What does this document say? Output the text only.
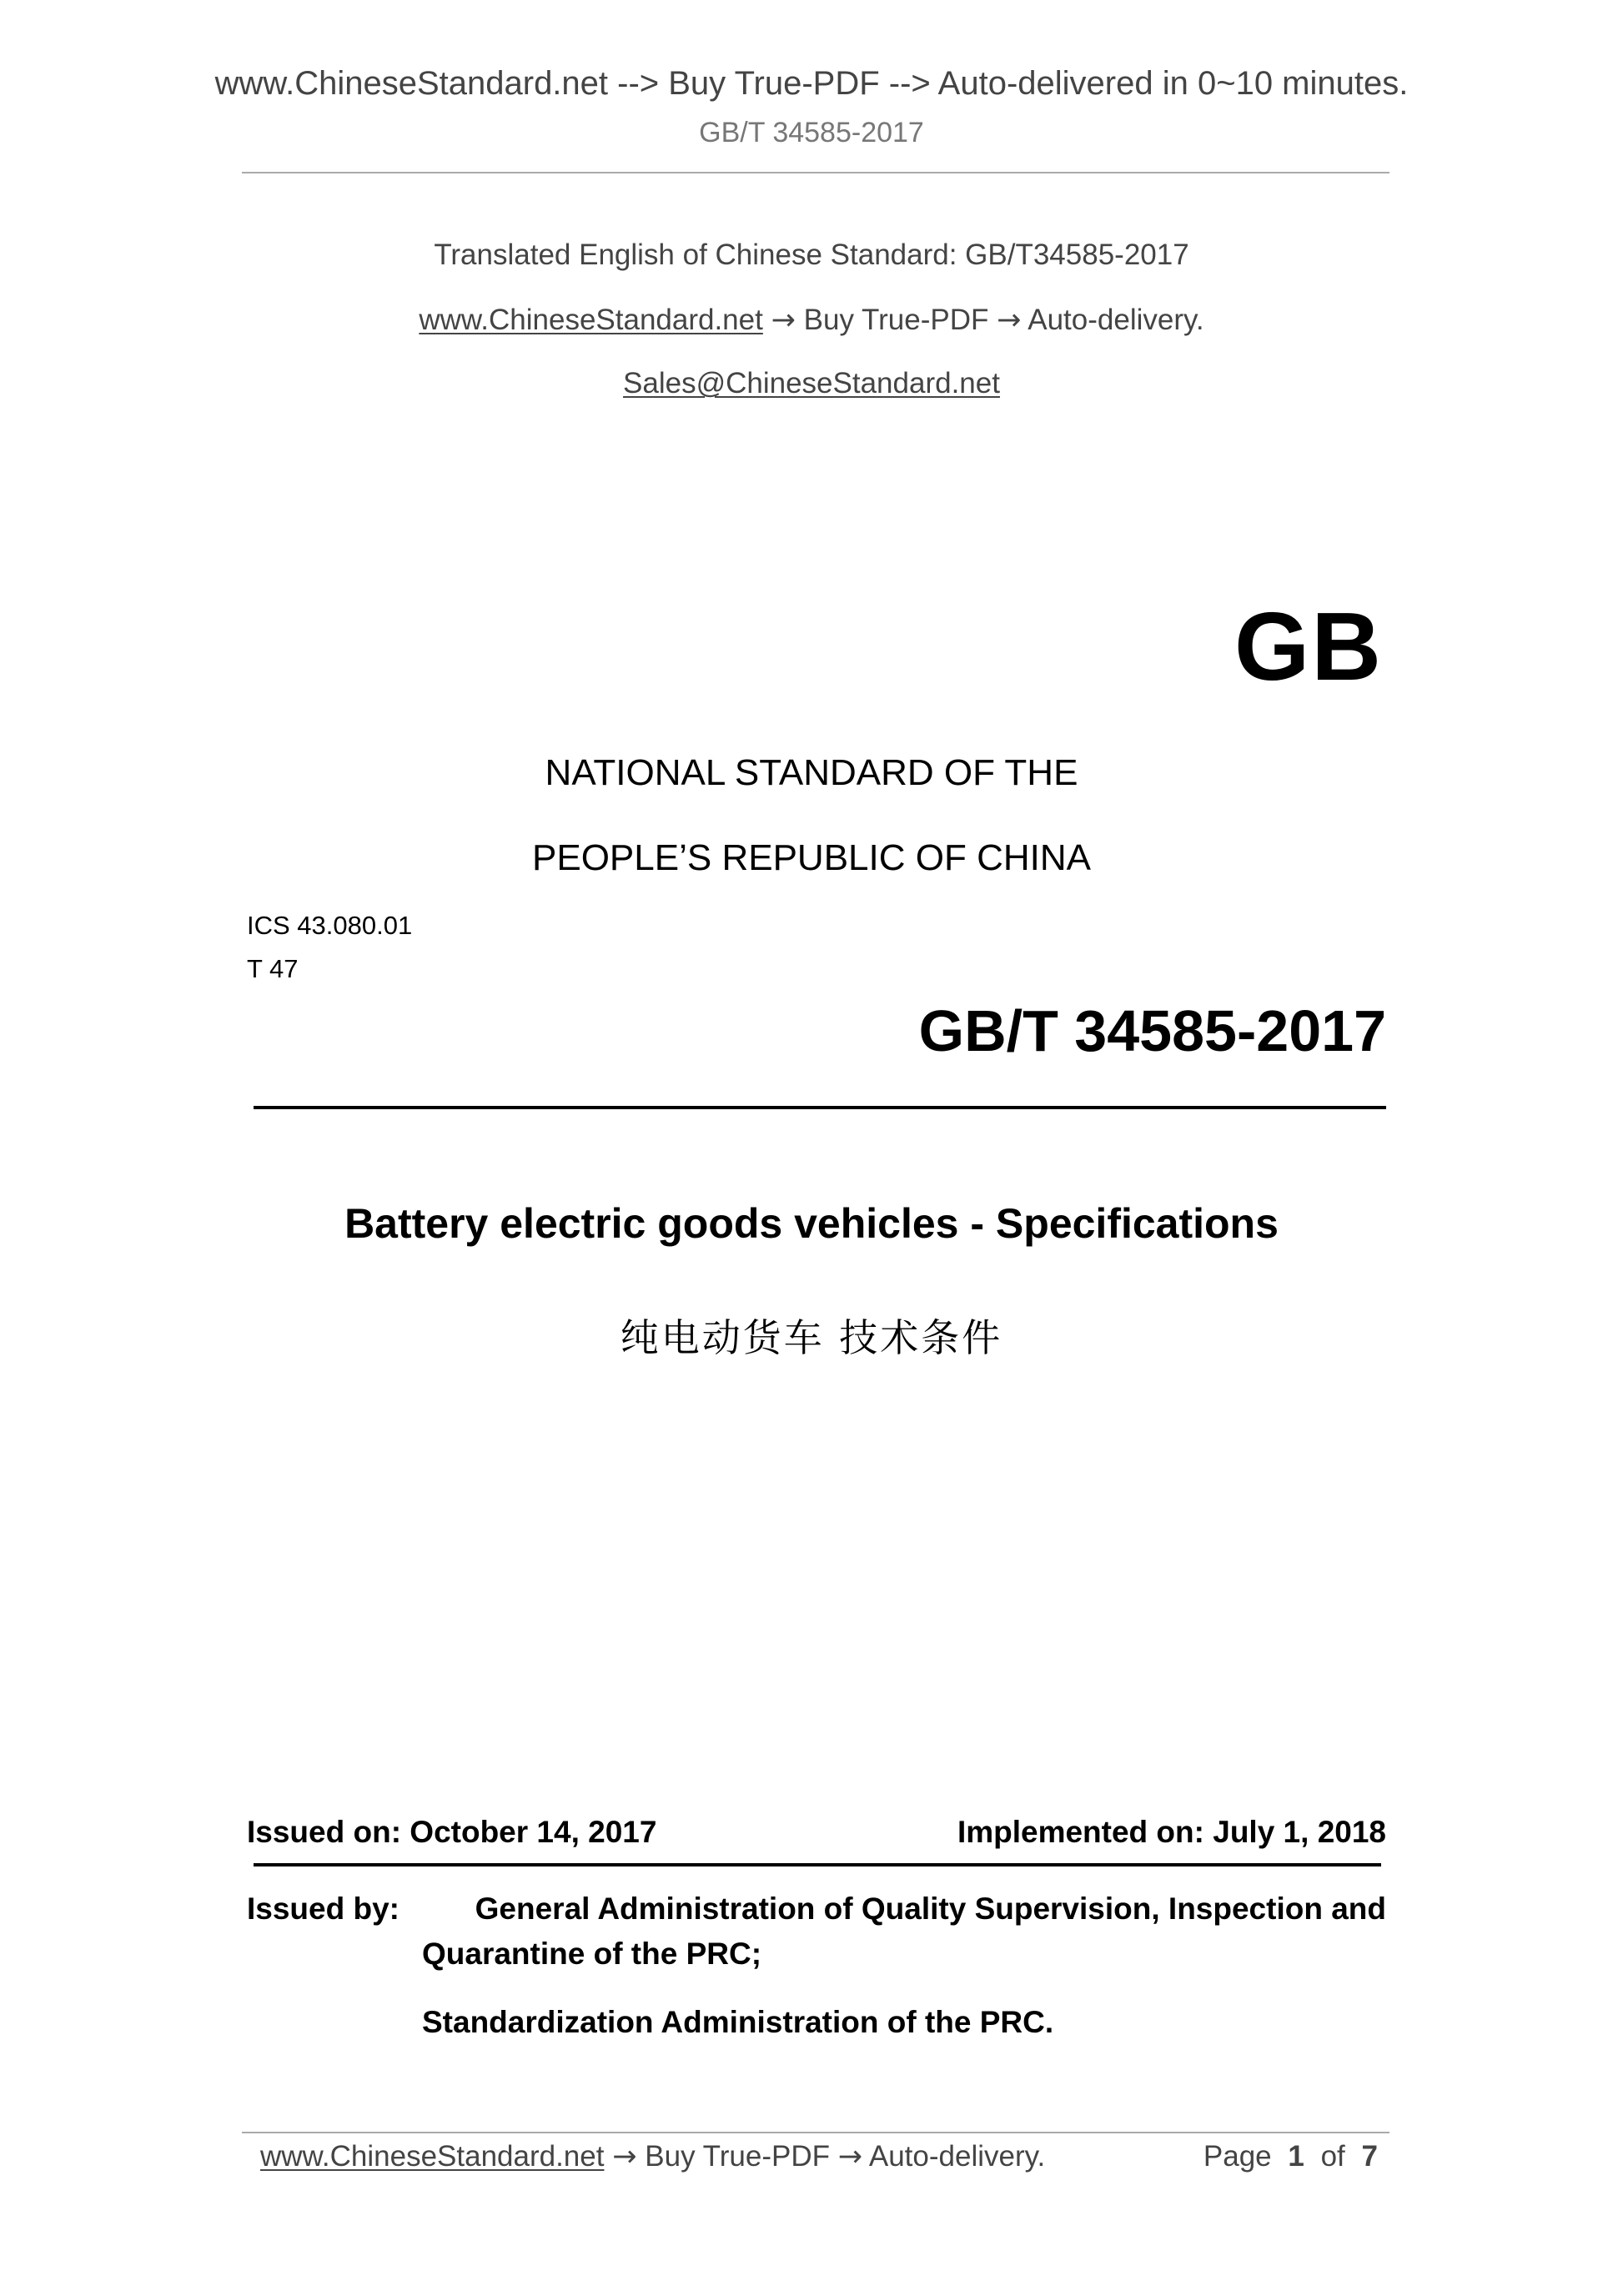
www.ChineseStandard.net --> Buy True-PDF --> Auto-delivered in 0~10 minutes.
GB/T 34585-2017
Translated English of Chinese Standard: GB/T34585-2017
www.ChineseStandard.net → Buy True-PDF → Auto-delivery.
Sales@ChineseStandard.net
GB
NATIONAL STANDARD OF THE
PEOPLE’S REPUBLIC OF CHINA
ICS 43.080.01
T 47
GB/T 34585-2017
Battery electric goods vehicles - Specifications
纯电动货车 技术条件
Issued on: October 14, 2017	Implemented on: July 1, 2018
Issued by:	General Administration of Quality Supervision, Inspection and
Quarantine of the PRC;
Standardization Administration of the PRC.
www.ChineseStandard.net → Buy True-PDF → Auto-delivery.	Page 1 of 7
